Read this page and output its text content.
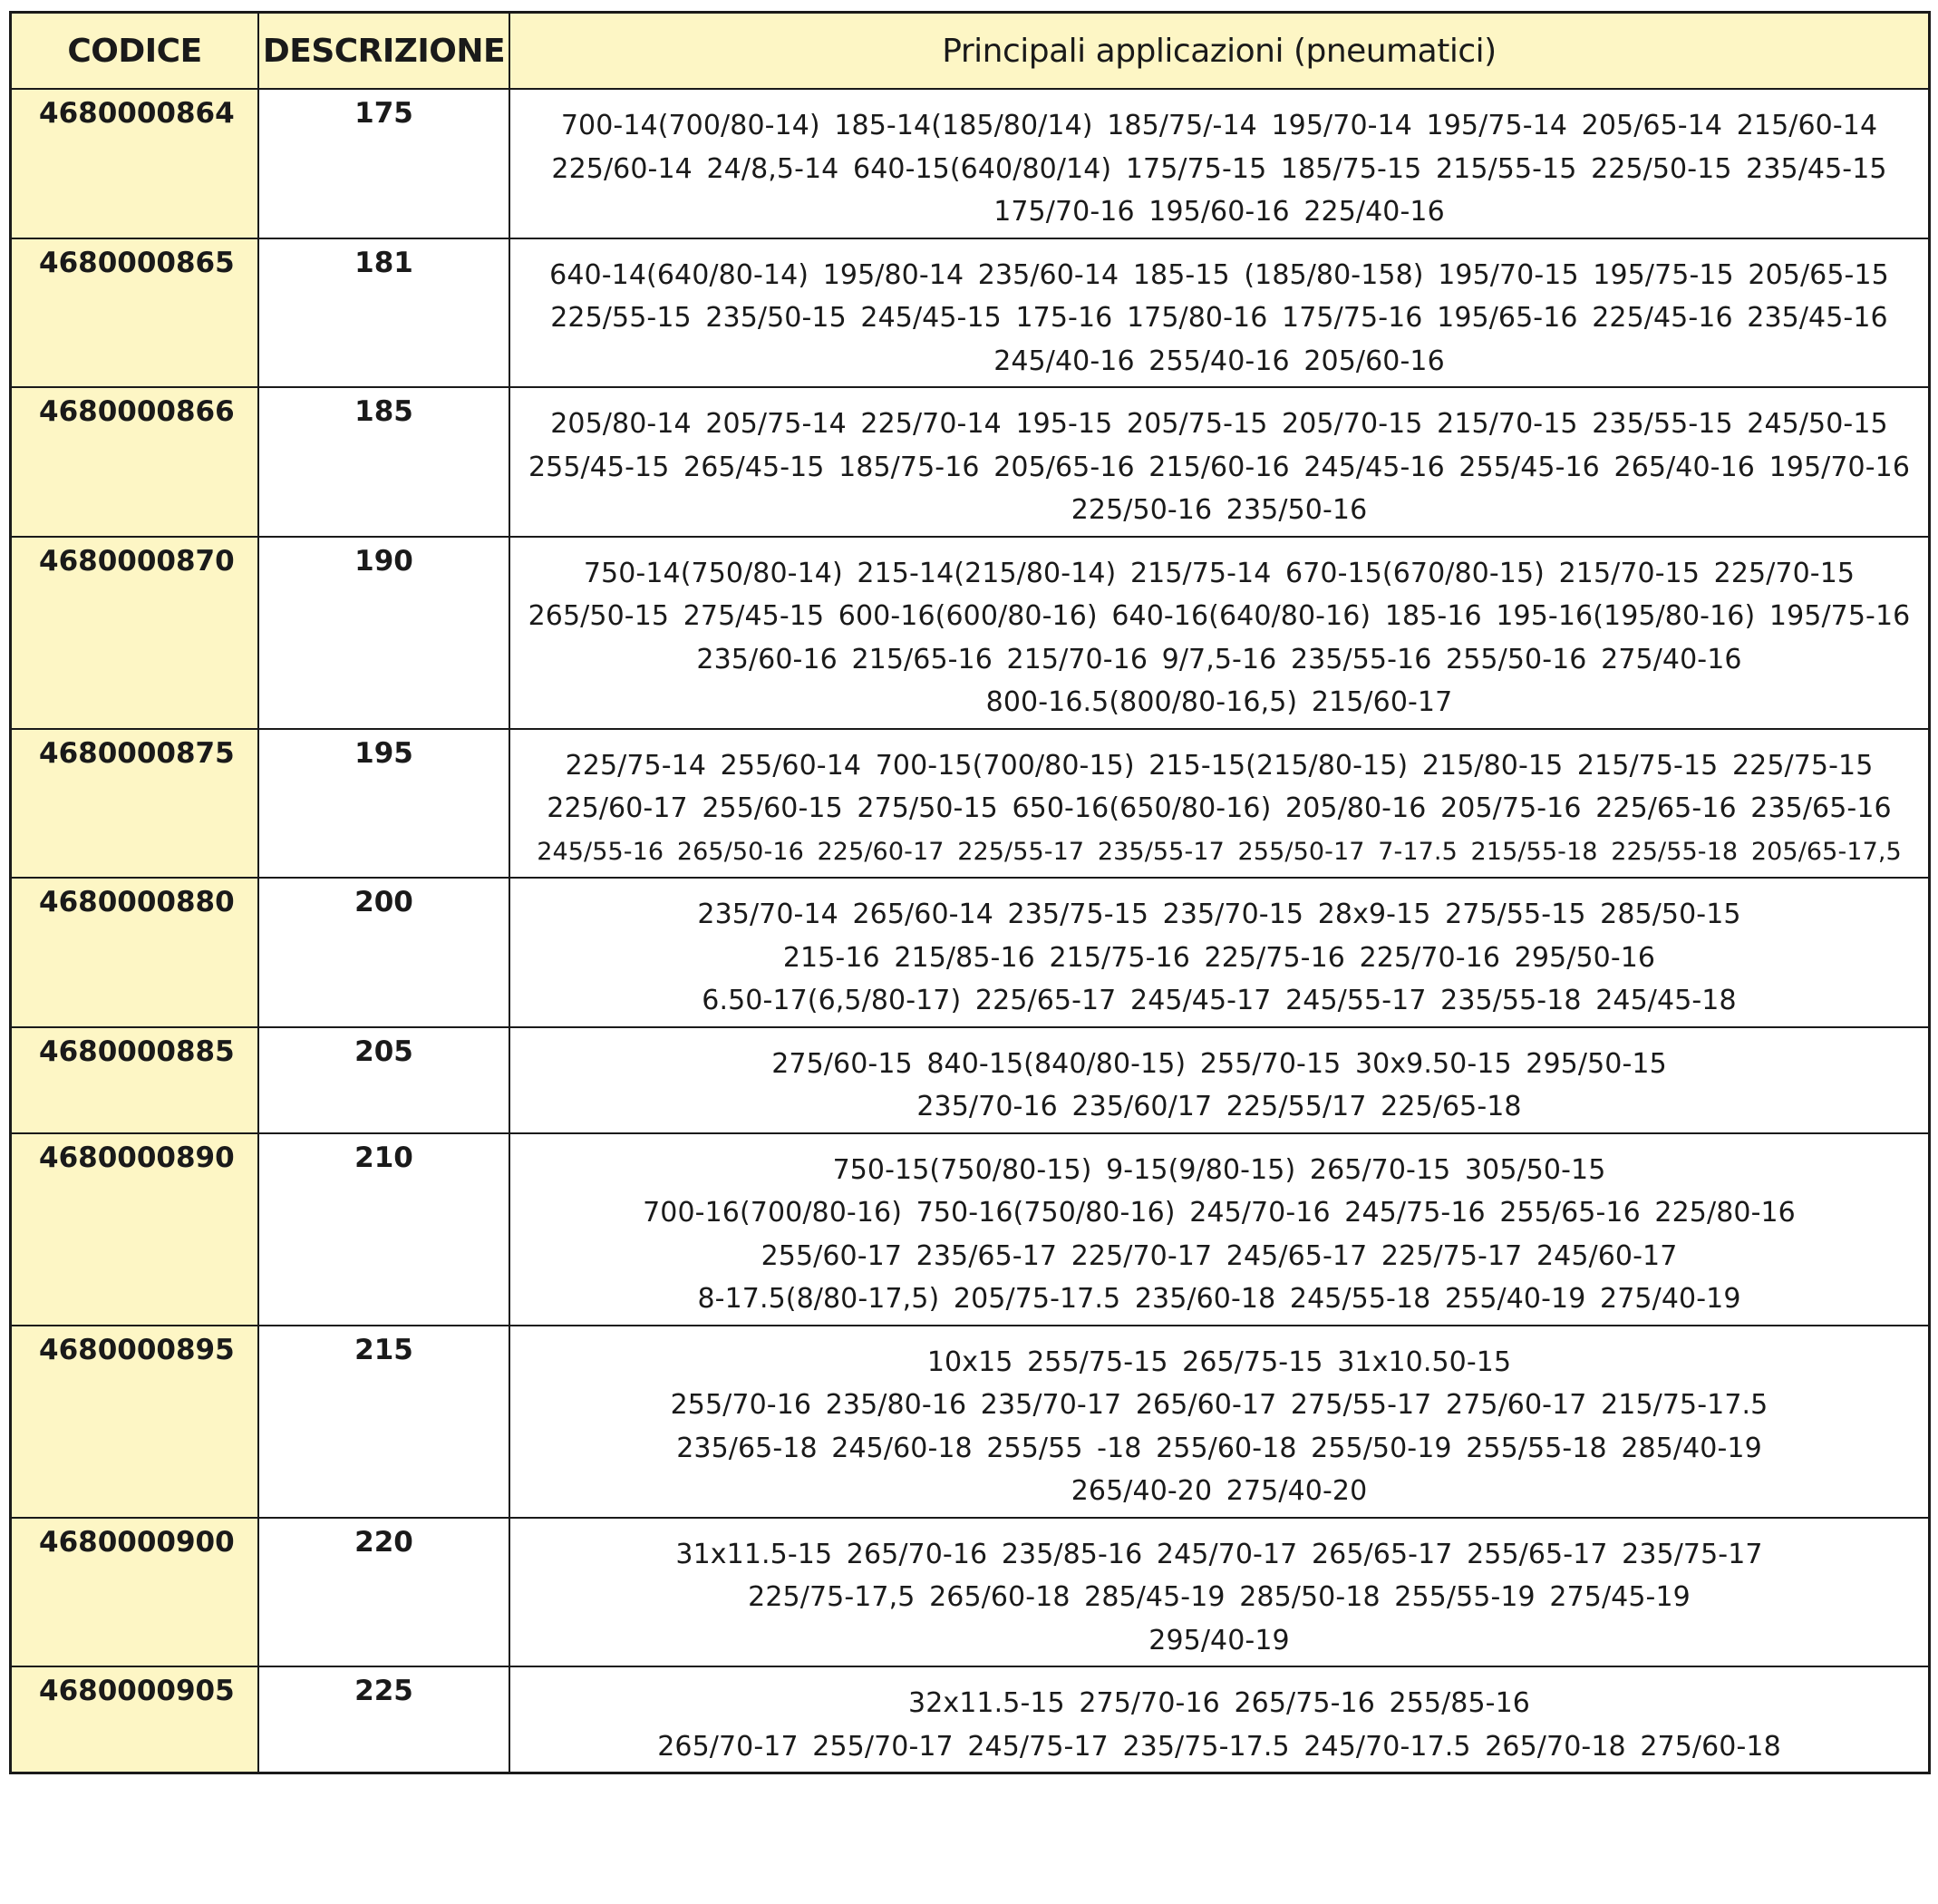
CODICE	DESCRIZIONE	Principali applicazioni (pneumatici)
4680000864	175	700-14(700/80-14) 185-14(185/80/14) 185/75/-14 195/70-14 195/75-14 205/65-14 215/60-14
225/60-14 24/8,5-14 640-15(640/80/14) 175/75-15 185/75-15 215/55-15 225/50-15 235/45-15
175/70-16 195/60-16 225/40-16

4680000865	181	640-14(640/80-14) 195/80-14 235/60-14 185-15 (185/80-158) 195/70-15 195/75-15 205/65-15
225/55-15 235/50-15 245/45-15 175-16 175/80-16 175/75-16 195/65-16 225/45-16 235/45-16
245/40-16 255/40-16 205/60-16

4680000866	185	205/80-14 205/75-14 225/70-14 195-15 205/75-15 205/70-15 215/70-15 235/55-15 245/50-15
255/45-15 265/45-15 185/75-16 205/65-16 215/60-16 245/45-16 255/45-16 265/40-16 195/70-16
225/50-16 235/50-16

4680000870	190	750-14(750/80-14) 215-14(215/80-14) 215/75-14 670-15(670/80-15) 215/70-15 225/70-15
265/50-15 275/45-15 600-16(600/80-16) 640-16(640/80-16) 185-16 195-16(195/80-16) 195/75-16
235/60-16 215/65-16 215/70-16 9/7,5-16 235/55-16 255/50-16 275/40-16
800-16.5(800/80-16,5) 215/60-17

4680000875	195	225/75-14 255/60-14 700-15(700/80-15) 215-15(215/80-15) 215/80-15 215/75-15 225/75-15
225/60-17 255/60-15 275/50-15 650-16(650/80-16) 205/80-16 205/75-16 225/65-16 235/65-16
245/55-16 265/50-16 225/60-17 225/55-17 235/55-17 255/50-17 7-17.5 215/55-18 225/55-18 205/65-17,5

4680000880	200	235/70-14 265/60-14 235/75-15 235/70-15 28x9-15 275/55-15 285/50-15
215-16 215/85-16 215/75-16 225/75-16 225/70-16 295/50-16
6.50-17(6,5/80-17) 225/65-17 245/45-17 245/55-17 235/55-18 245/45-18

4680000885	205	275/60-15 840-15(840/80-15) 255/70-15 30x9.50-15 295/50-15
235/70-16 235/60/17 225/55/17 225/65-18

4680000890	210	750-15(750/80-15) 9-15(9/80-15) 265/70-15 305/50-15
700-16(700/80-16) 750-16(750/80-16) 245/70-16 245/75-16 255/65-16 225/80-16
255/60-17 235/65-17 225/70-17 245/65-17 225/75-17 245/60-17
8-17.5(8/80-17,5) 205/75-17.5 235/60-18 245/55-18 255/40-19 275/40-19

4680000895	215	10x15 255/75-15 265/75-15 31x10.50-15
255/70-16 235/80-16 235/70-17 265/60-17 275/55-17 275/60-17 215/75-17.5
235/65-18 245/60-18 255/55 -18 255/60-18 255/50-19 255/55-18 285/40-19
265/40-20 275/40-20

4680000900	220	31x11.5-15 265/70-16 235/85-16 245/70-17 265/65-17 255/65-17 235/75-17
225/75-17,5 265/60-18 285/45-19 285/50-18 255/55-19 275/45-19
295/40-19

4680000905	225	32x11.5-15 275/70-16 265/75-16 255/85-16
265/70-17 255/70-17 245/75-17 235/75-17.5 245/70-17.5 265/70-18 275/60-18
